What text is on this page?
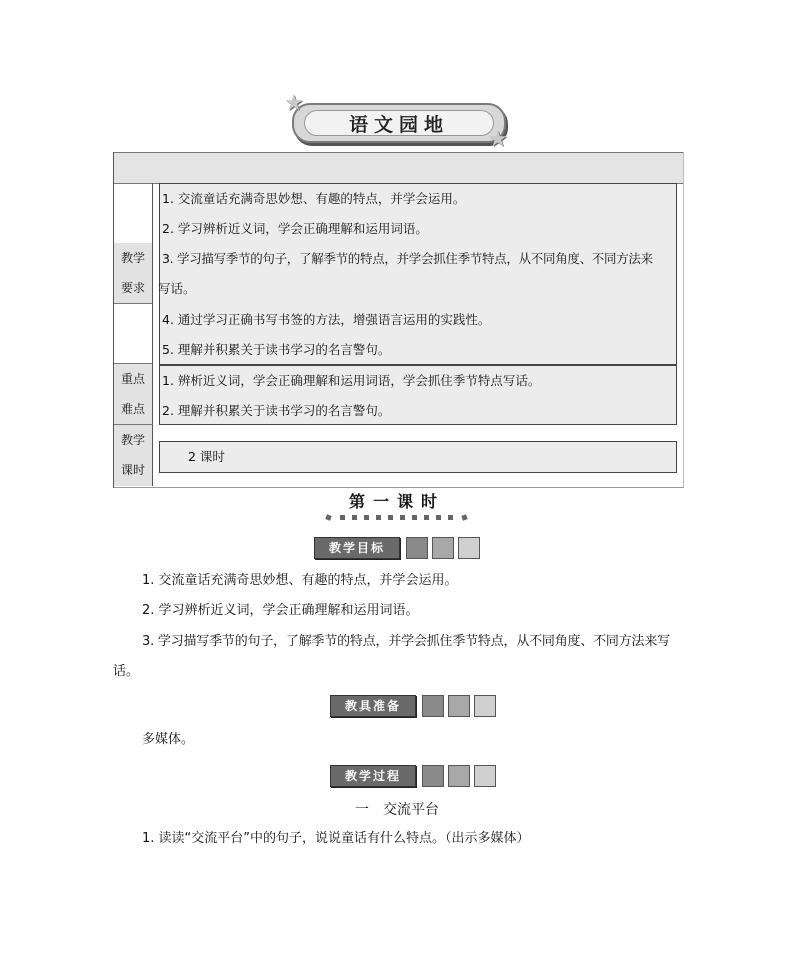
语文园地
★
★
教学
要求
重点
难点
教学
课时
1. 交流童话充满奇思妙想、有趣的特点，并学会运用。
2. 学习辨析近义词，学会正确理解和运用词语。
3. 学习描写季节的句子，了解季节的特点，并学会抓住季节特点，从不同角度、不同方法来
写话。
4. 通过学习正确书写书签的方法，增强语言运用的实践性。
5. 理解并积累关于读书学习的名言警句。
1. 辨析近义词，学会正确理解和运用词语，学会抓住季节特点写话。
2. 理解并积累关于读书学习的名言警句。
2 课时
第一课时
教学目标
1. 交流童话充满奇思妙想、有趣的特点，并学会运用。
2. 学习辨析近义词，学会正确理解和运用词语。
3. 学习描写季节的句子，了解季节的特点，并学会抓住季节特点，从不同角度、不同方法来写
话。
教具准备
多媒体。
教学过程
一　交流平台
1. 读读“交流平台”中的句子，说说童话有什么特点。（出示多媒体）
